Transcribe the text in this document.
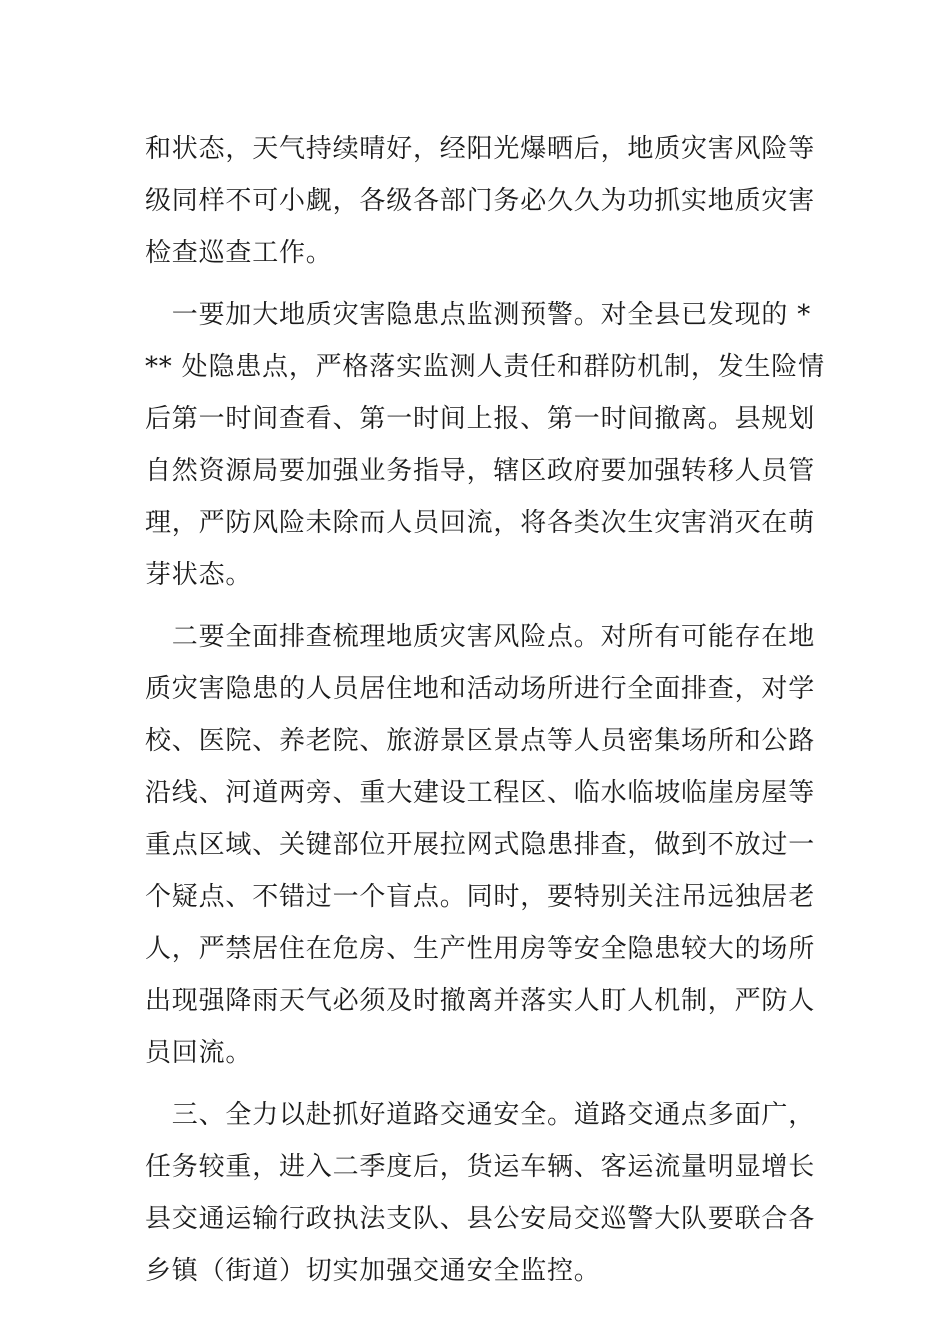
和状态，天气持续晴好，经阳光爆晒后，地质灾害风险等
级同样不可小觑，各级各部门务必久久为功抓实地质灾害
检查巡查工作。
　一要加大地质灾害隐患点监测预警。对全县已发现的 *
** 处隐患点，严格落实监测人责任和群防机制，发生险情
后第一时间查看、第一时间上报、第一时间撤离。县规划
自然资源局要加强业务指导，辖区政府要加强转移人员管
理，严防风险未除而人员回流，将各类次生灾害消灭在萌
芽状态。
　二要全面排查梳理地质灾害风险点。对所有可能存在地
质灾害隐患的人员居住地和活动场所进行全面排查，对学
校、医院、养老院、旅游景区景点等人员密集场所和公路
沿线、河道两旁、重大建设工程区、临水临坡临崖房屋等
重点区域、关键部位开展拉网式隐患排查，做到不放过一
个疑点、不错过一个盲点。同时，要特别关注吊远独居老
人，严禁居住在危房、生产性用房等安全隐患较大的场所
出现强降雨天气必须及时撤离并落实人盯人机制，严防人
员回流。
　三、全力以赴抓好道路交通安全。道路交通点多面广，
任务较重，进入二季度后，货运车辆、客运流量明显增长
县交通运输行政执法支队、县公安局交巡警大队要联合各
乡镇（街道）切实加强交通安全监控。
